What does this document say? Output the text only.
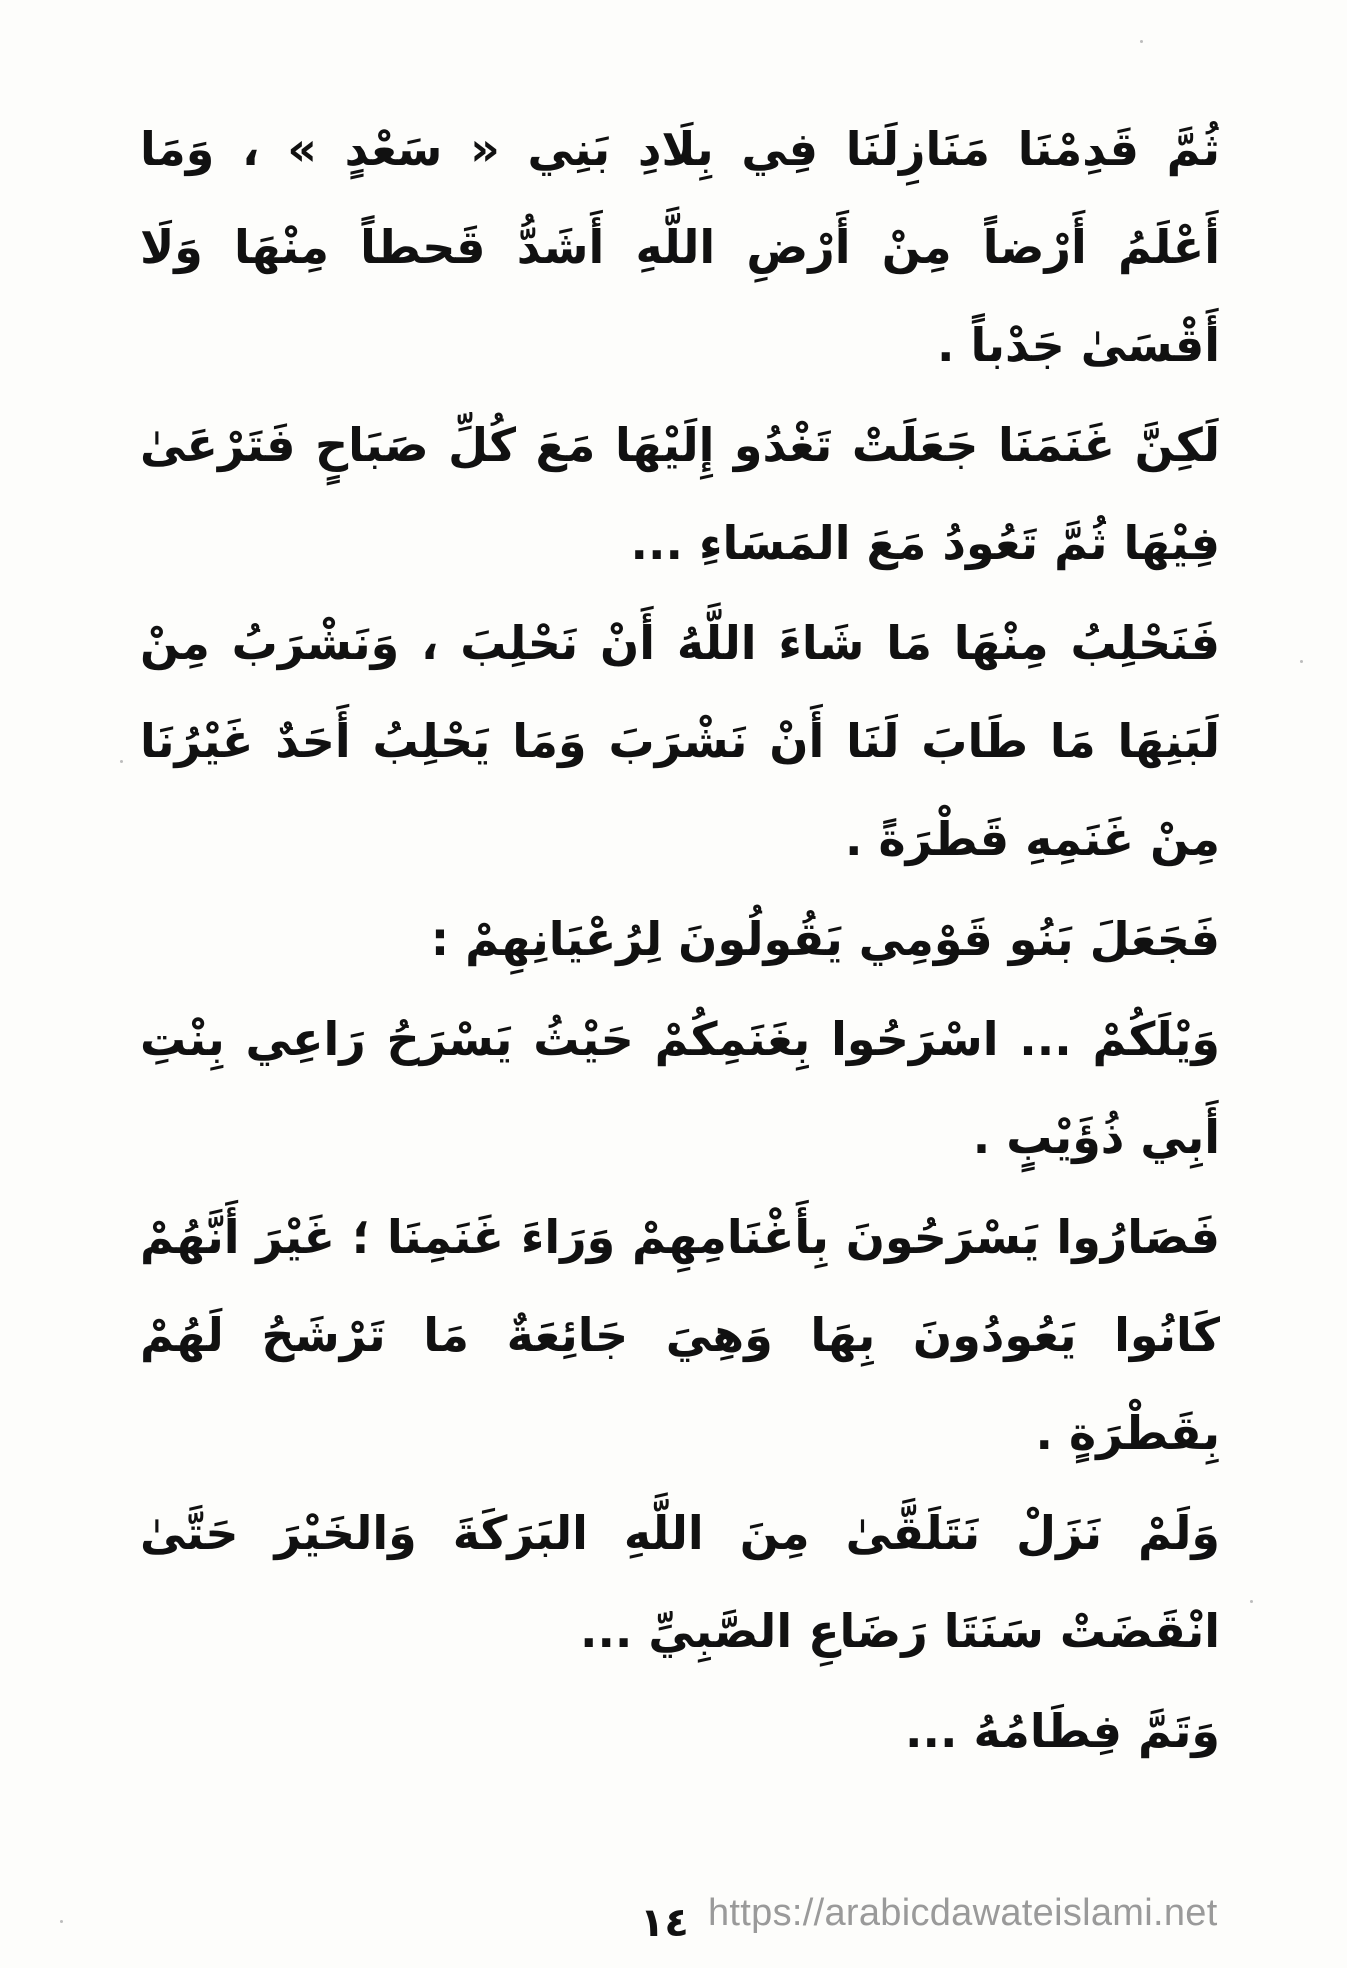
ثُمَّ قَدِمْنَا مَنَازِلَنَا فِي بِلَادِ بَنِي « سَعْدٍ » ، وَمَا أَعْلَمُ أَرْضاً مِنْ أَرْضِ اللَّهِ أَشَدُّ قَحطاً مِنْهَا وَلَا أَقْسَىٰ جَدْباً .

لَكِنَّ غَنَمَنَا جَعَلَتْ تَغْدُو إِلَيْهَا مَعَ كُلِّ صَبَاحٍ فَتَرْعَىٰ فِيْهَا ثُمَّ تَعُودُ مَعَ المَسَاءِ ...

فَنَحْلِبُ مِنْهَا مَا شَاءَ اللَّهُ أَنْ نَحْلِبَ ، وَنَشْرَبُ مِنْ لَبَنِهَا مَا طَابَ لَنَا أَنْ نَشْرَبَ وَمَا يَحْلِبُ أَحَدٌ غَيْرُنَا مِنْ غَنَمِهِ قَطْرَةً .

فَجَعَلَ بَنُو قَوْمِي يَقُولُونَ لِرُعْيَانِهِمْ :

وَيْلَكُمْ ... اسْرَحُوا بِغَنَمِكُمْ حَيْثُ يَسْرَحُ رَاعِي بِنْتِ أَبِي ذُؤَيْبٍ .

فَصَارُوا يَسْرَحُونَ بِأَغْنَامِهِمْ وَرَاءَ غَنَمِنَا ؛ غَيْرَ أَنَّهُمْ كَانُوا يَعُودُونَ بِهَا وَهِيَ جَائِعَةٌ مَا تَرْشَحُ لَهُمْ بِقَطْرَةٍ .

وَلَمْ نَزَلْ نَتَلَقَّىٰ مِنَ اللَّهِ البَرَكَةَ وَالخَيْرَ حَتَّىٰ انْقَضَتْ سَنَتَا رَضَاعِ الصَّبِيِّ ...

وَتَمَّ فِطَامُهُ ...

١٤ https://arabicdawateislami.net
